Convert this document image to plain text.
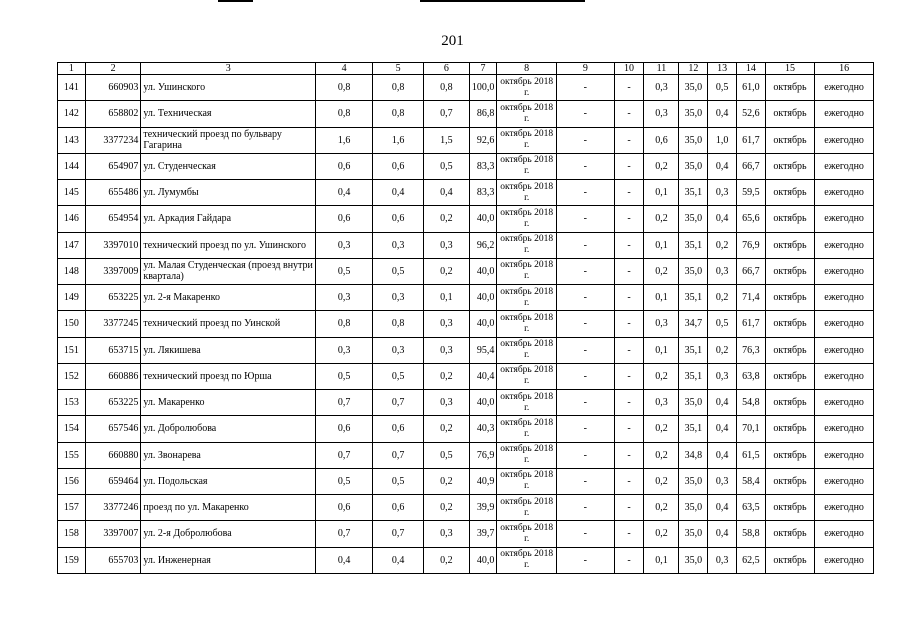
201
1	2	3	4	5	6	7	8	9	10	11	12	13	14	15	16
141	660903	ул. Ушинского	0,8	0,8	0,8	100,0	октябрь 2018 г.	-	-	0,3	35,0	0,5	61,0	октябрь	ежегодно
142	658802	ул. Техническая	0,8	0,8	0,7	86,8	октябрь 2018 г.	-	-	0,3	35,0	0,4	52,6	октябрь	ежегодно
143	3377234	технический проезд по бульвару Гагарина	1,6	1,6	1,5	92,6	октябрь 2018 г.	-	-	0,6	35,0	1,0	61,7	октябрь	ежегодно
144	654907	ул. Студенческая	0,6	0,6	0,5	83,3	октябрь 2018 г.	-	-	0,2	35,0	0,4	66,7	октябрь	ежегодно
145	655486	ул. Лумумбы	0,4	0,4	0,4	83,3	октябрь 2018 г.	-	-	0,1	35,1	0,3	59,5	октябрь	ежегодно
146	654954	ул. Аркадия Гайдара	0,6	0,6	0,2	40,0	октябрь 2018 г.	-	-	0,2	35,0	0,4	65,6	октябрь	ежегодно
147	3397010	технический проезд по ул. Ушинского	0,3	0,3	0,3	96,2	октябрь 2018 г.	-	-	0,1	35,1	0,2	76,9	октябрь	ежегодно
148	3397009	ул. Малая Студенческая (проезд внутри квартала)	0,5	0,5	0,2	40,0	октябрь 2018 г.	-	-	0,2	35,0	0,3	66,7	октябрь	ежегодно
149	653225	ул. 2-я Макаренко	0,3	0,3	0,1	40,0	октябрь 2018 г.	-	-	0,1	35,1	0,2	71,4	октябрь	ежегодно
150	3377245	технический проезд по Уинской	0,8	0,8	0,3	40,0	октябрь 2018 г.	-	-	0,3	34,7	0,5	61,7	октябрь	ежегодно
151	653715	ул. Лякишева	0,3	0,3	0,3	95,4	октябрь 2018 г.	-	-	0,1	35,1	0,2	76,3	октябрь	ежегодно
152	660886	технический проезд по Юрша	0,5	0,5	0,2	40,4	октябрь 2018 г.	-	-	0,2	35,1	0,3	63,8	октябрь	ежегодно
153	653225	ул. Макаренко	0,7	0,7	0,3	40,0	октябрь 2018 г.	-	-	0,3	35,0	0,4	54,8	октябрь	ежегодно
154	657546	ул. Добролюбова	0,6	0,6	0,2	40,3	октябрь 2018 г.	-	-	0,2	35,1	0,4	70,1	октябрь	ежегодно
155	660880	ул. Звонарева	0,7	0,7	0,5	76,9	октябрь 2018 г.	-	-	0,2	34,8	0,4	61,5	октябрь	ежегодно
156	659464	ул. Подольская	0,5	0,5	0,2	40,9	октябрь 2018 г.	-	-	0,2	35,0	0,3	58,4	октябрь	ежегодно
157	3377246	проезд по ул. Макаренко	0,6	0,6	0,2	39,9	октябрь 2018 г.	-	-	0,2	35,0	0,4	63,5	октябрь	ежегодно
158	3397007	ул. 2-я Добролюбова	0,7	0,7	0,3	39,7	октябрь 2018 г.	-	-	0,2	35,0	0,4	58,8	октябрь	ежегодно
159	655703	ул. Инженерная	0,4	0,4	0,2	40,0	октябрь 2018 г.	-	-	0,1	35,0	0,3	62,5	октябрь	ежегодно
